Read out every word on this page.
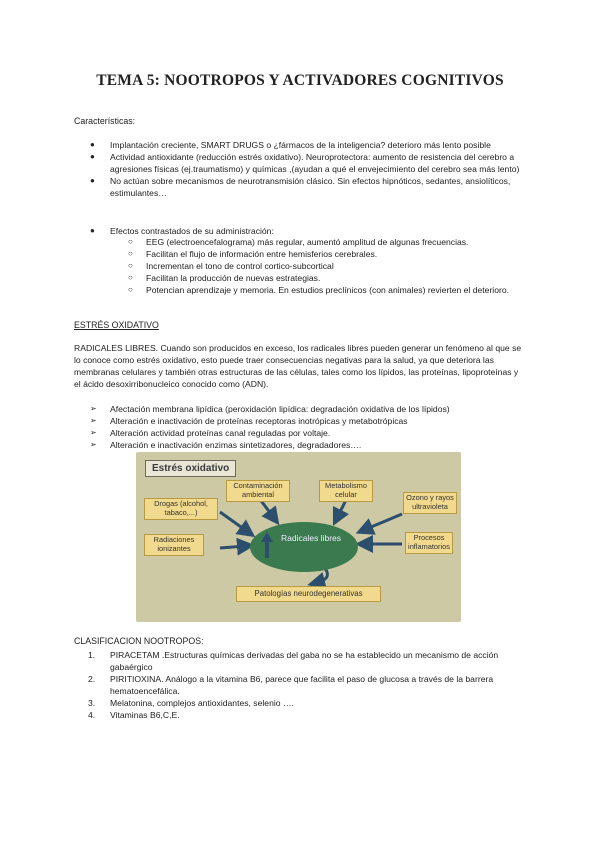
TEMA 5: NOOTROPOS Y ACTIVADORES COGNITIVOS
Características:
● Implantación creciente, SMART DRUGS o ¿fármacos de la inteligencia? deterioro más lento posible
● Actividad antioxidante (reducción estrés oxidativo). Neuroprotectora: aumento de resistencia del cerebro a agresiones físicas (ej.traumatismo) y químicas ,(ayudan a qué el envejecimiento del cerebro sea más lento)
● No actúan sobre mecanismos de neurotransmisión clásico. Sin efectos hipnóticos, sedantes, ansiolíticos, estimulantes…
● Efectos contrastados de su administración:
○ EEG (electroencefalograma) más regular, aumentó amplitud de algunas frecuencias.
○ Facilitan el flujo de información entre hemisferios cerebrales.
○ Incrementan el tono de control cortico-subcortical
○ Facilitan la producción de nuevas estrategias.
○ Potencian aprendizaje y memoria. En estudios preclínicos (con animales) revierten el deterioro.
ESTRÉS OXIDATIVO
RADICALES LIBRES. Cuando son producidos en exceso, los radicales libres pueden generar un fenómeno al que se lo conoce como estrés oxidativo, esto puede traer consecuencias negativas para la salud, ya que deteriora las membranas celulares y también otras estructuras de las células, tales como los lípidos, las proteínas, lipoproteínas y el ácido desoxirribonucleico conocido como (ADN).
➢ Afectación membrana lipídica (peroxidación lipídica: degradación oxidativa de los lípidos)
➢ Alteración e inactivación de proteínas receptoras inotrópicas y metabotrópicas
➢ Alteración actividad proteínas canal reguladas por voltaje.
➢ Alteración e inactivación enzimas sintetizadores, degradadores….
Estrés oxidativo
Contaminación ambiental
Metabolismo celular	Ozono y rayos ultravioleta
Drogas (alcohol, tabaco,...)
Radiaciones ionizantes
Procesos inflamatorios
Radicales libres
Patologías neurodegenerativas
CLASIFICACION NOOTROPOS:
1. PIRACETAM .Estructuras químicas derivadas del gaba no se ha establecido un mecanismo de acción gabaérgico
2. PIRITIOXINA. Análogo a la vitamina B6, parece que facilita el paso de glucosa a través de la barrera hematoencefálica.
3. Melatonina, complejos antioxidantes, selenio ….
4. Vitaminas B6,C,E.
